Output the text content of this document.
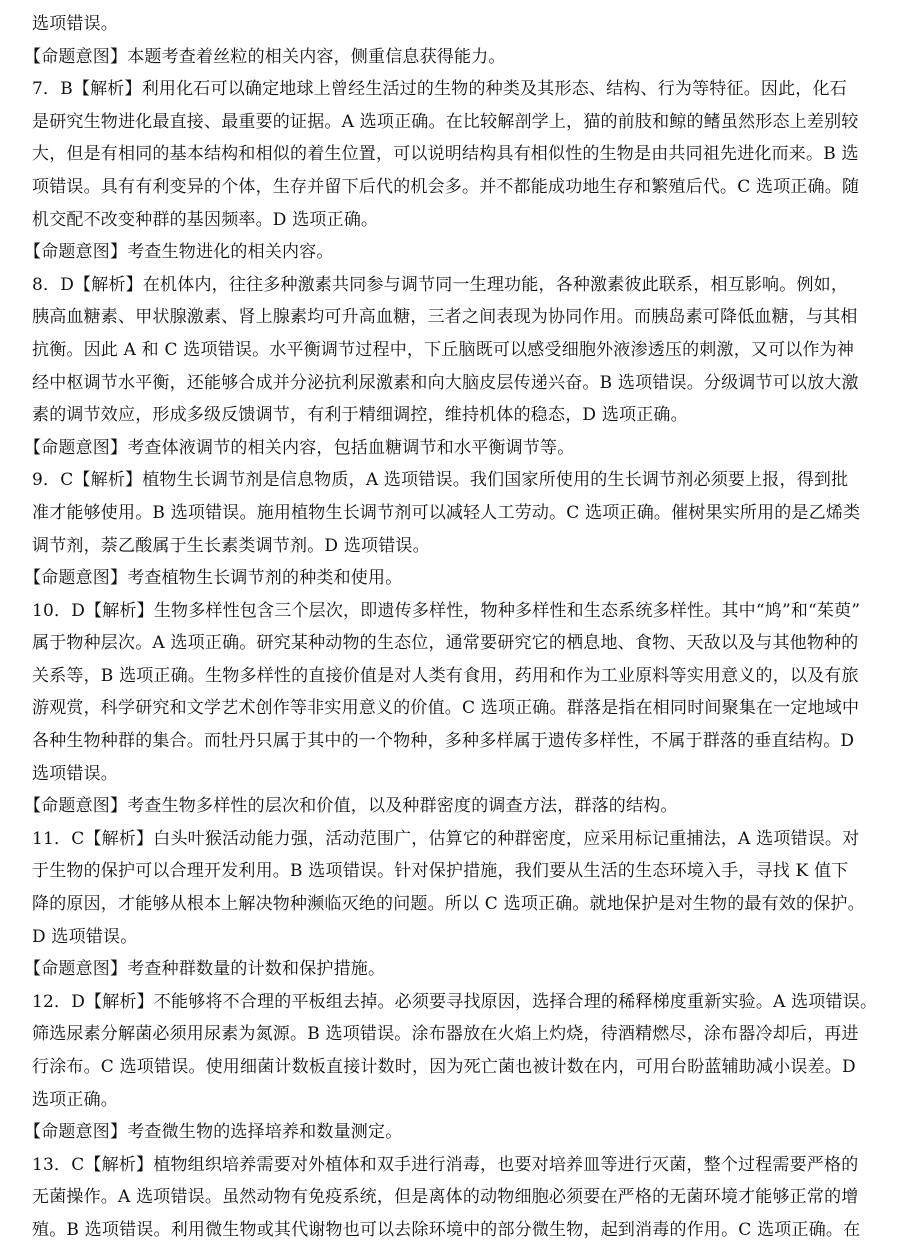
选项错误。
【命题意图】本题考查着丝粒的相关内容，侧重信息获得能力。
7．B【解析】利用化石可以确定地球上曾经生活过的生物的种类及其形态、结构、行为等特征。因此，化石
是研究生物进化最直接、最重要的证据。A 选项正确。在比较解剖学上，猫的前肢和鲸的鳍虽然形态上差别较
大，但是有相同的基本结构和相似的着生位置，可以说明结构具有相似性的生物是由共同祖先进化而来。B 选
项错误。具有有利变异的个体，生存并留下后代的机会多。并不都能成功地生存和繁殖后代。C 选项正确。随
机交配不改变种群的基因频率。D 选项正确。
【命题意图】考查生物进化的相关内容。
8．D【解析】在机体内，往往多种激素共同参与调节同一生理功能，各种激素彼此联系，相互影响。例如，
胰高血糖素、甲状腺激素、肾上腺素均可升高血糖，三者之间表现为协同作用。而胰岛素可降低血糖，与其相
抗衡。因此 A 和 C 选项错误。水平衡调节过程中，下丘脑既可以感受细胞外液渗透压的刺激，又可以作为神
经中枢调节水平衡，还能够合成并分泌抗利尿激素和向大脑皮层传递兴奋。B 选项错误。分级调节可以放大激
素的调节效应，形成多级反馈调节，有利于精细调控，维持机体的稳态，D 选项正确。
【命题意图】考查体液调节的相关内容，包括血糖调节和水平衡调节等。
9．C【解析】植物生长调节剂是信息物质，A 选项错误。我们国家所使用的生长调节剂必须要上报，得到批
准才能够使用。B 选项错误。施用植物生长调节剂可以减轻人工劳动。C 选项正确。催树果实所用的是乙烯类
调节剂，萘乙酸属于生长素类调节剂。D 选项错误。
【命题意图】考查植物生长调节剂的种类和使用。
10．D【解析】生物多样性包含三个层次，即遗传多样性，物种多样性和生态系统多样性。其中“鸠”和“茱萸”
属于物种层次。A 选项正确。研究某种动物的生态位，通常要研究它的栖息地、食物、天敌以及与其他物种的
关系等，B 选项正确。生物多样性的直接价值是对人类有食用，药用和作为工业原料等实用意义的，以及有旅
游观赏，科学研究和文学艺术创作等非实用意义的价值。C 选项正确。群落是指在相同时间聚集在一定地域中
各种生物种群的集合。而牡丹只属于其中的一个物种，多种多样属于遗传多样性，不属于群落的垂直结构。D
选项错误。
【命题意图】考查生物多样性的层次和价值，以及种群密度的调查方法，群落的结构。
11．C【解析】白头叶猴活动能力强，活动范围广，估算它的种群密度，应采用标记重捕法，A 选项错误。对
于生物的保护可以合理开发利用。B 选项错误。针对保护措施，我们要从生活的生态环境入手，寻找 K 值下
降的原因，才能够从根本上解决物种濒临灭绝的问题。所以 C 选项正确。就地保护是对生物的最有效的保护。
D 选项错误。
【命题意图】考查种群数量的计数和保护措施。
12．D【解析】不能够将不合理的平板组去掉。必须要寻找原因，选择合理的稀释梯度重新实验。A 选项错误。
筛选尿素分解菌必须用尿素为氮源。B 选项错误。涂布器放在火焰上灼烧，待酒精燃尽，涂布器冷却后，再进
行涂布。C 选项错误。使用细菌计数板直接计数时，因为死亡菌也被计数在内，可用台盼蓝辅助减小误差。D
选项正确。
【命题意图】考查微生物的选择培养和数量测定。
13．C【解析】植物组织培养需要对外植体和双手进行消毒，也要对培养皿等进行灭菌，整个过程需要严格的
无菌操作。A 选项错误。虽然动物有免疫系统，但是离体的动物细胞必须要在严格的无菌环境才能够正常的增
殖。B 选项错误。利用微生物或其代谢物也可以去除环境中的部分微生物，起到消毒的作用。C 选项正确。在
